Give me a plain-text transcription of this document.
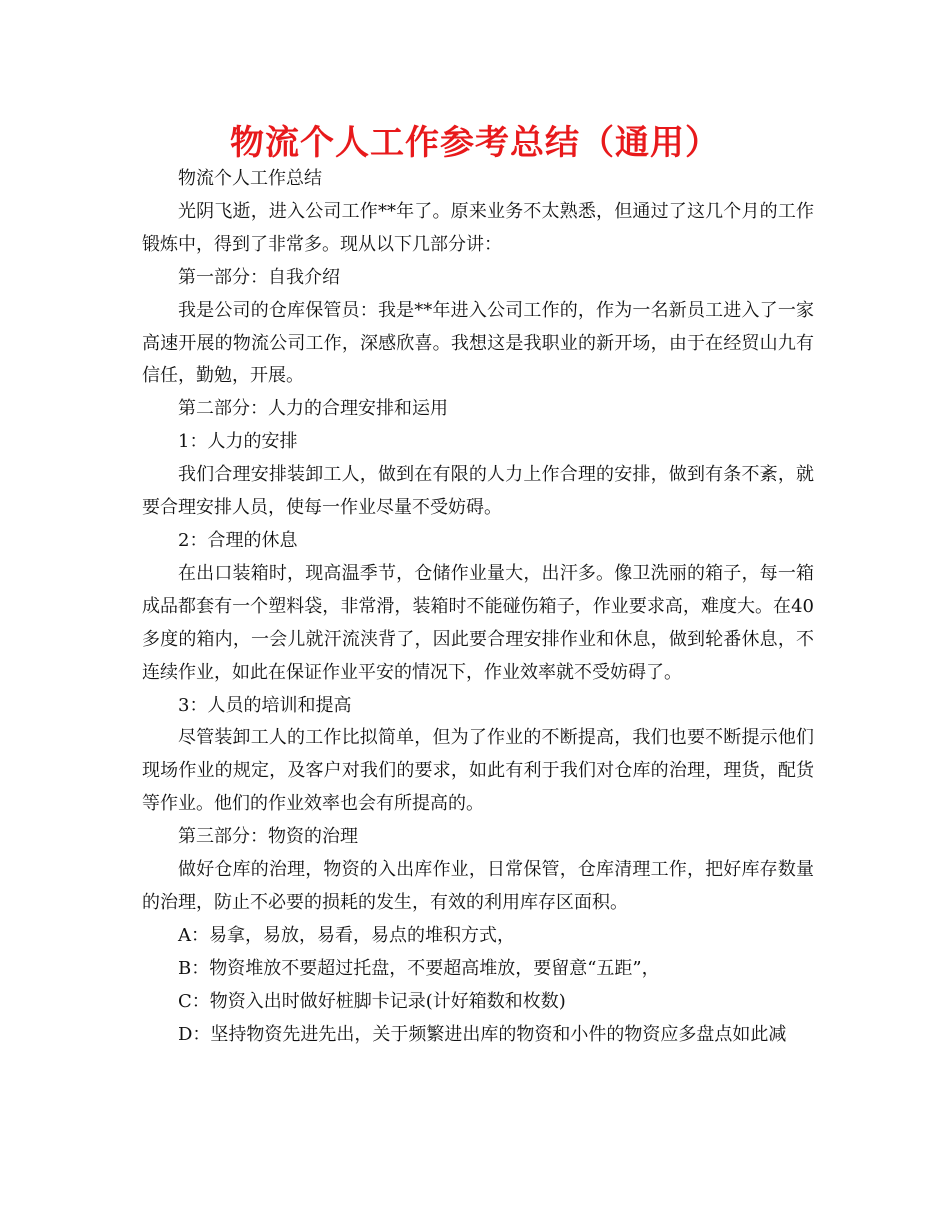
物流个人工作参考总结（通用）

物流个人工作总结

光阴飞逝，进入公司工作**年了。原来业务不太熟悉，但通过了这几个月的工作锻炼中，得到了非常多。现从以下几部分讲：

第一部分：自我介绍

我是公司的仓库保管员：我是**年进入公司工作的，作为一名新员工进入了一家高速开展的物流公司工作，深感欣喜。我想这是我职业的新开场，由于在经贸山九有信任，勤勉，开展。

第二部分：人力的合理安排和运用

1：人力的安排

我们合理安排装卸工人，做到在有限的人力上作合理的安排，做到有条不紊，就要合理安排人员，使每一作业尽量不受妨碍。

2：合理的休息

在出口装箱时，现高温季节，仓储作业量大，出汗多。像卫洗丽的箱子，每一箱成品都套有一个塑料袋，非常滑，装箱时不能碰伤箱子，作业要求高，难度大。在40多度的箱内，一会儿就汗流浃背了，因此要合理安排作业和休息，做到轮番休息，不连续作业，如此在保证作业平安的情况下，作业效率就不受妨碍了。

3：人员的培训和提高

尽管装卸工人的工作比拟简单，但为了作业的不断提高，我们也要不断提示他们现场作业的规定，及客户对我们的要求，如此有利于我们对仓库的治理，理货，配货等作业。他们的作业效率也会有所提高的。

第三部分：物资的治理

做好仓库的治理，物资的入出库作业，日常保管，仓库清理工作，把好库存数量的治理，防止不必要的损耗的发生，有效的利用库存区面积。

A：易拿，易放，易看，易点的堆积方式，

B：物资堆放不要超过托盘，不要超高堆放，要留意“五距”，

C：物资入出时做好桩脚卡记录(计好箱数和枚数)

D：坚持物资先进先出，关于频繁进出库的物资和小件的物资应多盘点如此减
